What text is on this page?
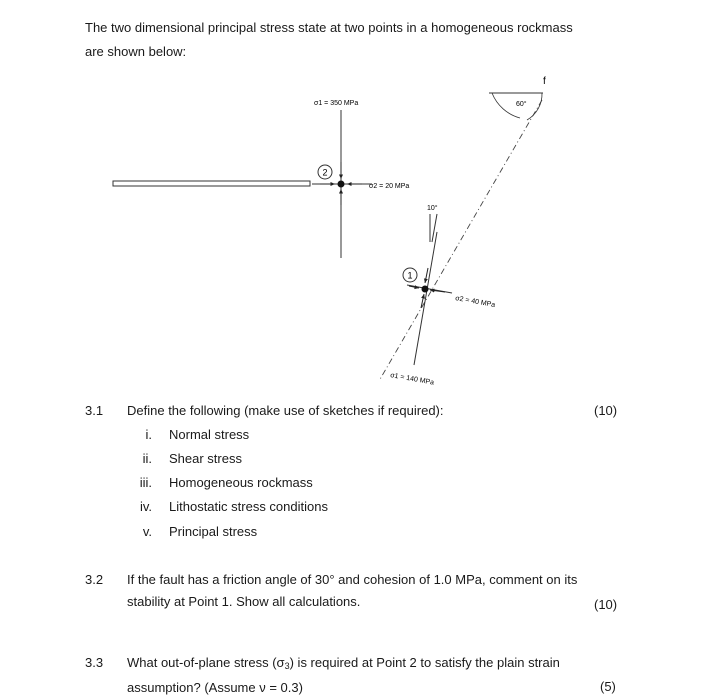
The two dimensional principal stress state at two points in a homogeneous rockmass
are shown below:
2
σ1 = 350 MPa
σ2 = 20 MPa
f
60°
1
σ2 = 40 MPa
σ1 = 140 MPa
10°
3.1 Define the following (make use of sketches if required):	(10)
i. Normal stress
ii. Shear stress
iii. Homogeneous rockmass
iv. Lithostatic stress conditions
v. Principal stress
3.2 If the fault has a friction angle of 30° and cohesion of 1.0 MPa, comment on its
stability at Point 1. Show all calculations.	(10)
3.3 What out-of-plane stress $(\sigma_3)$ is required at Point 2 to satisfy the plain strain
assumption? (Assume ν = 0.3)	(5)
